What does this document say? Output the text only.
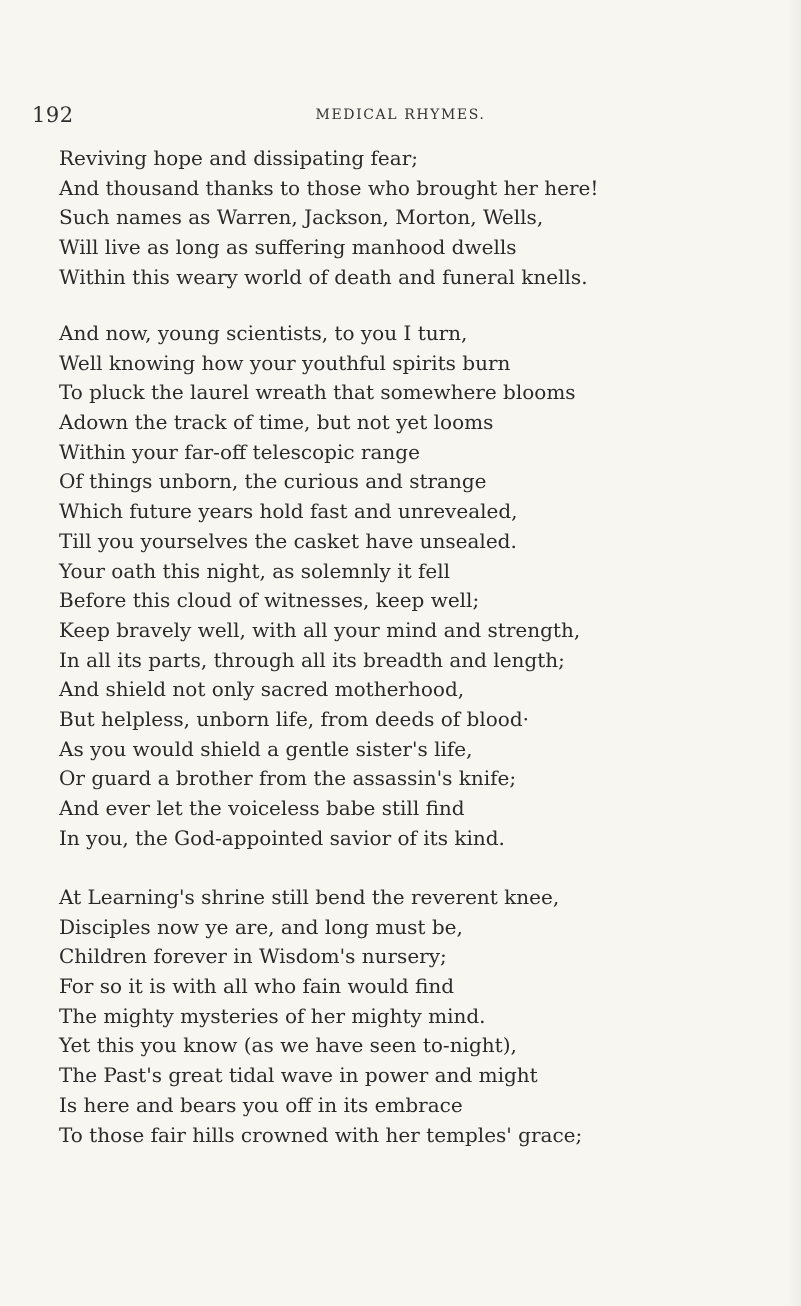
192	MEDICAL RHYMES.
Reviving hope and dissipating fear;
And thousand thanks to those who brought her here!
Such names as Warren, Jackson, Morton, Wells,
Will live as long as suffering manhood dwells
Within this weary world of death and funeral knells.
And now, young scientists, to you I turn,
Well knowing how your youthful spirits burn
To pluck the laurel wreath that somewhere blooms
Adown the track of time, but not yet looms
Within your far-off telescopic range
Of things unborn, the curious and strange
Which future years hold fast and unrevealed,
Till you yourselves the casket have unsealed.
Your oath this night, as solemnly it fell
Before this cloud of witnesses, keep well;
Keep bravely well, with all your mind and strength,
In all its parts, through all its breadth and length;
And shield not only sacred motherhood,
But helpless, unborn life, from deeds of blood·
As you would shield a gentle sister's life,
Or guard a brother from the assassin's knife;
And ever let the voiceless babe still find
In you, the God-appointed savior of its kind.
At Learning's shrine still bend the reverent knee,
Disciples now ye are, and long must be,
Children forever in Wisdom's nursery;
For so it is with all who fain would find
The mighty mysteries of her mighty mind.
Yet this you know (as we have seen to-night),
The Past's great tidal wave in power and might
Is here and bears you off in its embrace
To those fair hills crowned with her temples' grace;
